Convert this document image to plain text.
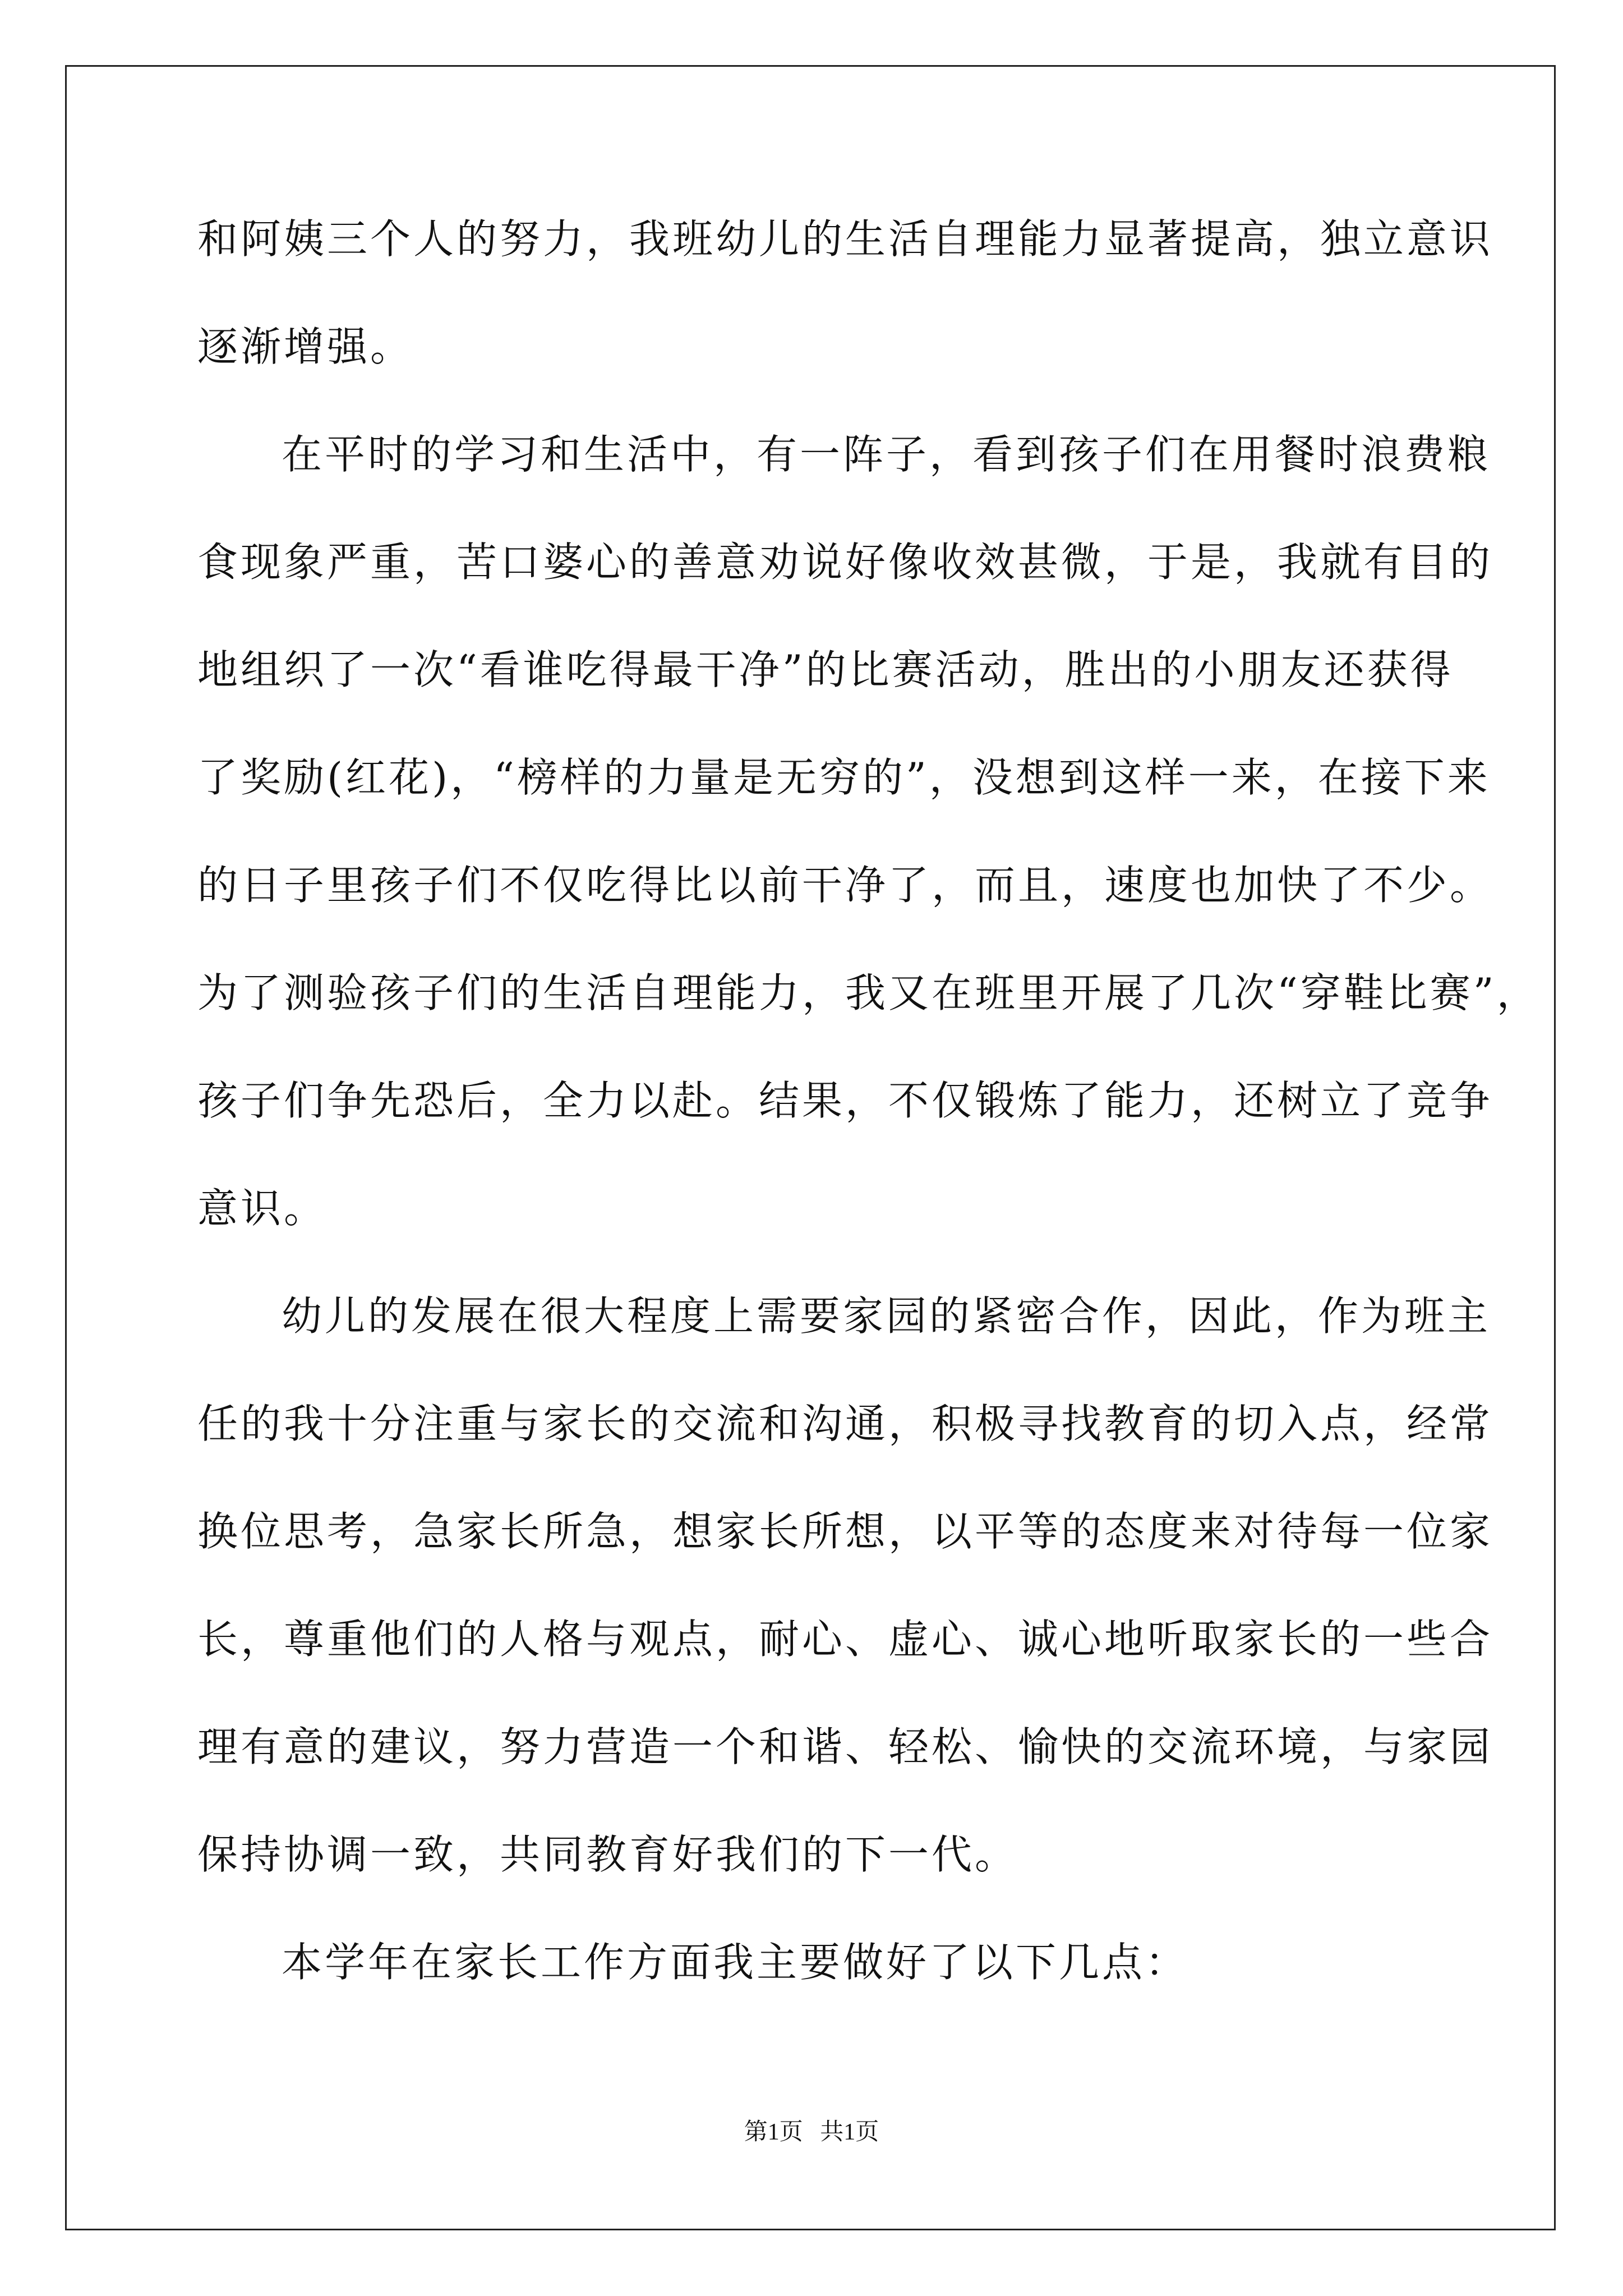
和阿姨三个人的努力，我班幼儿的生活自理能力显著提高，独立意识
逐渐增强。
在平时的学习和生活中，有一阵子，看到孩子们在用餐时浪费粮
食现象严重，苦口婆心的善意劝说好像收效甚微，于是，我就有目的
地组织了一次“看谁吃得最干净”的比赛活动，胜出的小朋友还获得
了奖励(红花)，“榜样的力量是无穷的”，没想到这样一来，在接下来
的日子里孩子们不仅吃得比以前干净了，而且，速度也加快了不少。
为了测验孩子们的生活自理能力，我又在班里开展了几次“穿鞋比赛”，
孩子们争先恐后，全力以赴。结果，不仅锻炼了能力，还树立了竞争
意识。
幼儿的发展在很大程度上需要家园的紧密合作，因此，作为班主
任的我十分注重与家长的交流和沟通，积极寻找教育的切入点，经常
换位思考，急家长所急，想家长所想，以平等的态度来对待每一位家
长，尊重他们的人格与观点，耐心、虚心、诚心地听取家长的一些合
理有意的建议，努力营造一个和谐、轻松、愉快的交流环境，与家园
保持协调一致，共同教育好我们的下一代。
本学年在家长工作方面我主要做好了以下几点：
第1页 共1页
